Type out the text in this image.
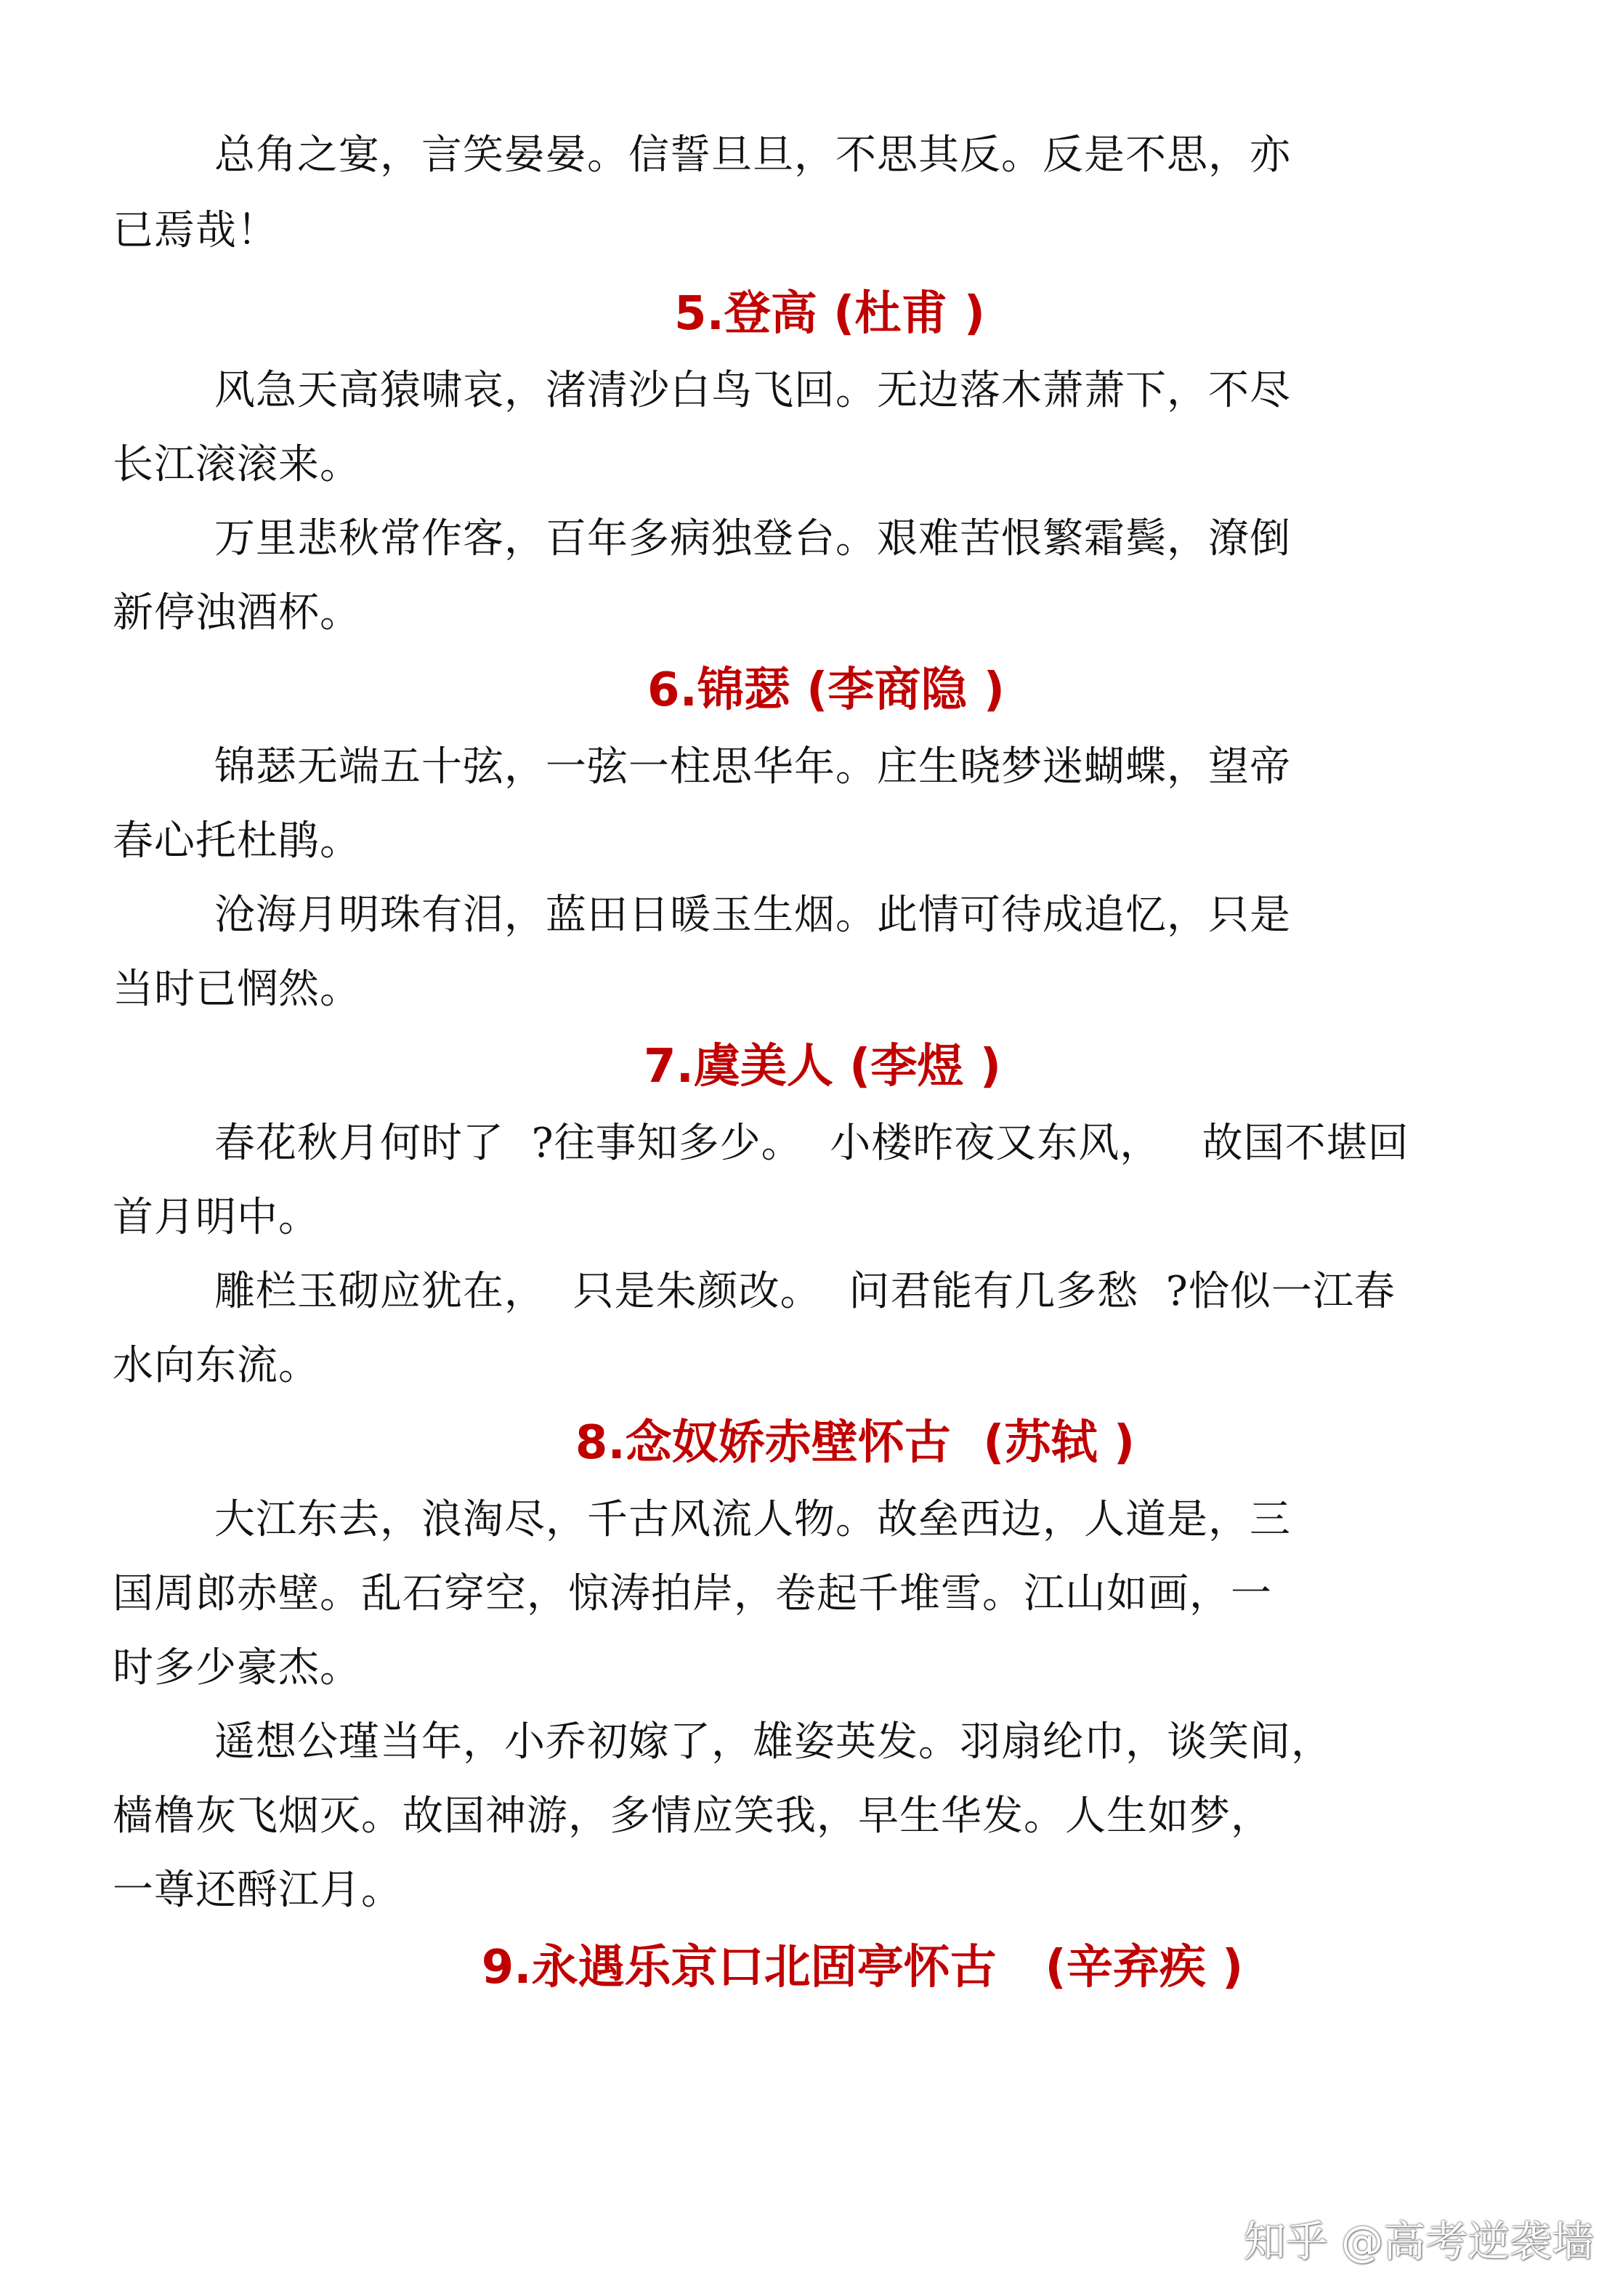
总角之宴，言笑晏晏。信誓旦旦，不思其反。反是不思，亦
已焉哉！
5.登高 (杜甫 )
风急天高猿啸哀，渚清沙白鸟飞回。无边落木萧萧下，不尽
长江滚滚来。
万里悲秋常作客，百年多病独登台。艰难苦恨繁霜鬓，潦倒
新停浊酒杯。
6.锦瑟 (李商隐 )
锦瑟无端五十弦，一弦一柱思华年。庄生晓梦迷蝴蝶，望帝
春心托杜鹃。
沧海月明珠有泪，蓝田日暖玉生烟。此情可待成追忆，只是
当时已惘然。
7.虞美人 (李煜 )
春花秋月何时了  ?往事知多少。  小楼昨夜又东风，   故国不堪回
首月明中。
雕栏玉砌应犹在，  只是朱颜改。  问君能有几多愁  ?恰似一江春
水向东流。
8.念奴娇赤壁怀古  (苏轼 )
大江东去，浪淘尽，千古风流人物。故垒西边，人道是，三
国周郎赤壁。乱石穿空，惊涛拍岸，卷起千堆雪。江山如画，一
时多少豪杰。
遥想公瑾当年，小乔初嫁了，雄姿英发。羽扇纶巾，谈笑间，
樯橹灰飞烟灭。故国神游，多情应笑我，早生华发。人生如梦，
一尊还酹江月。
9.永遇乐京口北固亭怀古   (辛弃疾 )
知乎 @高考逆袭墙
